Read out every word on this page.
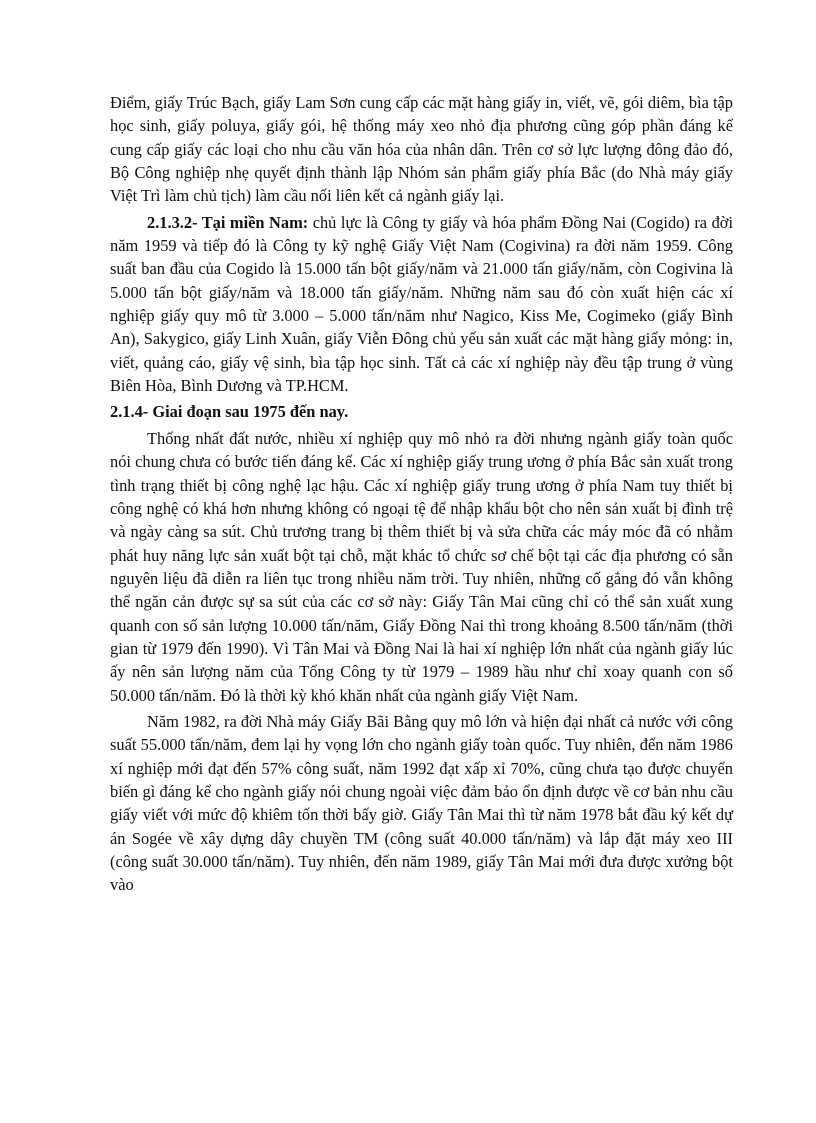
Điểm, giấy Trúc Bạch, giấy Lam Sơn cung cấp các mặt hàng giấy in, viết, vẽ, gói diêm, bìa tập học sinh, giấy poluya, giấy gói, hệ thống máy xeo nhỏ địa phương cũng góp phần đáng kể cung cấp giấy các loại cho nhu cầu văn hóa của nhân dân. Trên cơ sở lực lượng đông đảo đó, Bộ Công nghiệp nhẹ quyết định thành lập Nhóm sản phẩm giấy phía Bắc (do Nhà máy giấy Việt Trì làm chủ tịch) làm cầu nối liên kết cả ngành giấy lại.

2.1.3.2- Tại miền Nam: chủ lực là Công ty giấy và hóa phẩm Đồng Nai (Cogido) ra đời năm 1959 và tiếp đó là Công ty kỹ nghệ Giấy Việt Nam (Cogivina) ra đời năm 1959. Công suất ban đầu của Cogido là 15.000 tấn bột giấy/năm và 21.000 tấn giấy/năm, còn Cogivina là 5.000 tấn bột giấy/năm và 18.000 tấn giấy/năm. Những năm sau đó còn xuất hiện các xí nghiệp giấy quy mô từ 3.000 – 5.000 tấn/năm như Nagico, Kiss Me, Cogimeko (giấy Bình An), Sakygico, giấy Linh Xuân, giấy Viễn Đông chủ yếu sản xuất các mặt hàng giấy mỏng: in, viết, quảng cáo, giấy vệ sinh, bìa tập học sinh. Tất cả các xí nghiệp này đều tập trung ở vùng Biên Hòa, Bình Dương và TP.HCM.

2.1.4- Giai đoạn sau 1975 đến nay.

Thống nhất đất nước, nhiều xí nghiệp quy mô nhỏ ra đời nhưng ngành giấy toàn quốc nói chung chưa có bước tiến đáng kể. Các xí nghiệp giấy trung ương ở phía Bắc sản xuất trong tình trạng thiết bị công nghệ lạc hậu. Các xí nghiệp giấy trung ương ở phía Nam tuy thiết bị công nghệ có khá hơn nhưng không có ngoại tệ để nhập khẩu bột cho nên sản xuất bị đình trệ và ngày càng sa sút. Chủ trương trang bị thêm thiết bị và sửa chữa các máy móc đã có nhằm phát huy năng lực sản xuất bột tại chỗ, mặt khác tổ chức sơ chế bột tại các địa phương có sẵn nguyên liệu đã diễn ra liên tục trong nhiều năm trời. Tuy nhiên, những cố gắng đó vẫn không thể ngăn cản được sự sa sút của các cơ sở này: Giấy Tân Mai cũng chỉ có thể sản xuất xung quanh con số sản lượng 10.000 tấn/năm, Giấy Đồng Nai thì trong khoảng 8.500 tấn/năm (thời gian từ 1979 đến 1990). Vì Tân Mai và Đồng Nai là hai xí nghiệp lớn nhất của ngành giấy lúc ấy nên sản lượng năm của Tổng Công ty từ 1979 – 1989 hầu như chỉ xoay quanh con số 50.000 tấn/năm. Đó là thời kỳ khó khăn nhất của ngành giấy Việt Nam.

Năm 1982, ra đời Nhà máy Giấy Bãi Bằng quy mô lớn và hiện đại nhất cả nước với công suất 55.000 tấn/năm, đem lại hy vọng lớn cho ngành giấy toàn quốc. Tuy nhiên, đến năm 1986 xí nghiệp mới đạt đến 57% công suất, năm 1992 đạt xấp xỉ 70%, cũng chưa tạo được chuyển biến gì đáng kể cho ngành giấy nói chung ngoài việc đảm bảo ổn định được về cơ bản nhu cầu giấy viết với mức độ khiêm tốn thời bấy giờ. Giấy Tân Mai thì từ năm 1978 bắt đầu ký kết dự án Sogée về xây dựng dây chuyền TM (công suất 40.000 tấn/năm) và lắp đặt máy xeo III (công suất 30.000 tấn/năm). Tuy nhiên, đến năm 1989, giấy Tân Mai mới đưa được xưởng bột vào
